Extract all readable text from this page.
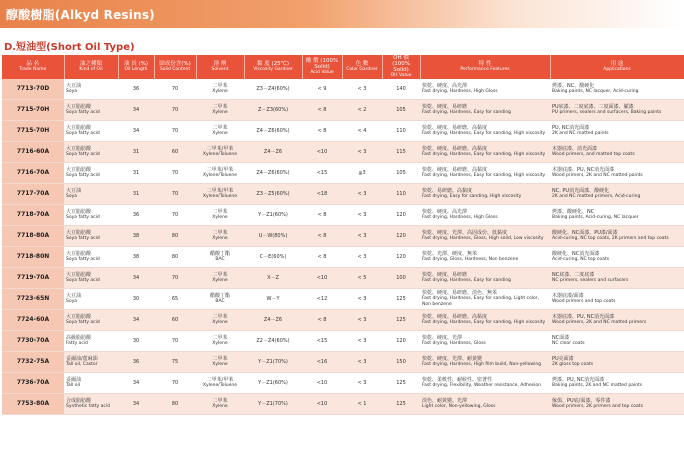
醇酸樹脂(Alkyd Resins)
D.短油型(Short Oil Type)
品 名
Trade Name	油之種類
Kind of Oil	油 長 (%)
Oil Length	固成份含(%)
Solid Content	溶 劑
Solvent	黏 度 (25℃)
Viscosity Gardner	酸 價 (100% Solid)
Acid Value	色 數
Color Gardner	OH 價 (100% Solid)
OH Value	特 性
Performance Features	用 途
Applications

7713-70D	大豆油
Soya	36	70	二甲苯
Xylene	Z3－Z4(60%)	< 9	< 3	140	快乾、硬度、高光澤
Fast drying, Hardness, High Gloss	烤漆、NC、酸硬化
Baking paints, NC lacquer, Acid-curing

7715-70H	大豆脂肪酸
Soya fatty acid	34	70	二甲苯
Xylene	Z－Z3(60%)	< 8	< 2	105	快乾、硬度、易研磨
Fast drying, Hardness, Easy for sanding	PU底漆、二度底漆、二度面漆、膩漆
PU primers, sealers and surfacers, Baking paints

7715-70H	大豆脂肪酸
Soya fatty acid	34	70	二甲苯
Xylene	Z4－Z6(60%)	< 8	< 4	110	快乾、硬度、易研磨、高黏度
Fast drying, Hardness, Easy for sanding, High viscosity	PU, NC消光面漆
2K and NC matted paints

7716-60A	大豆脂肪酸
Soya fatty acid	31	60	二甲苯/甲苯
Xylene/Toluene	Z4－Z6	<10	< 3	115	快乾、硬度、易研磨、高黏度
Fast drying, Hardness, Easy for sanding, High viscosity	木器底漆、消光面漆
Wood primers, and matted top coats

7716-70A	大豆脂肪酸
Soya fatty acid	31	70	二甲苯/甲苯
Xylene/Toluene	Z4－Z6(60%)	<15	≦3	105	快乾、硬度、易研磨、高黏度
Fast drying, Hardness, Easy for sanding, High viscosity	木器底漆、PU, NC消光面漆
Wood primers, 2K and NC matted paints

7717-70A	大豆油
Soya	31	70	二甲苯/甲苯
Xylene/Toluene	Z3－Z5(60%)	<18	< 3	110	快乾、易研磨、高黏度
Fast drying, Easy for sanding, High viscosity	NC, PU消光面漆、酸硬化
2K and NC matted primers, Acid-curing

7718-70A	大豆脂肪酸
Soya fatty acid	36	70	二甲苯
Xylene	Y－Z1(60%)	< 8	< 3	120	快乾、硬度、高光澤
Fast drying, Hardness, High Gloss	烤漆、酸硬化、NC
Baking paints, Acid-curing, NC lacquer

7718-80A	大豆脂肪酸
Soya fatty acid	38	80	二甲苯
Xylene	U－W(80%)	< 8	< 3	120	快乾、硬度、光澤、高固成份、低黏度
Fast drying, Hardness, Gloss, High solid, Low viscosity	酸硬化、NC面漆、PU漆/面漆
Acid-curing, NC top coats, 2K primers and top coats

7718-80N	大豆脂肪酸
Soya fatty acid	38	80	醋酸丁酯
BAC	C－E(60%)	< 8	< 3	120	快乾、光澤、硬度、無苯
Fast drying, Gloss, Hardness, Non benzene	酸硬化、NC消光面漆
Acid-curing, NC top coats

7719-70A	大豆脂肪酸
Soya fatty acid	34	70	二甲苯
Xylene	X－Z	<10	< 5	100	快乾、硬度、易研磨
Fast drying, Hardness, Easy for sanding	NC底漆、二度底漆
NC primers, sealers and surfacers

7723-65N	大豆油
Soya	30	65	醋酸丁酯
BAC	W－Y	<12	< 3	125	快乾、硬度、易研磨、淡色、無苯
Fast drying, Hardness, Easy for sanding, Light color, Non benzene	木器底漆/面漆
Wood primers and top coats

7724-60A	大豆脂肪酸
Soya fatty acid	34	60	二甲苯
Xylene	Z4－Z6	< 8	< 3	125	快乾、硬度、易研磨、高黏度
Fast drying, Hardness, Easy for sanding, High viscosity	木器底漆、PU, NC消光面漆
Wood primers, 2K and NC matted primers

7730-70A	高級脂肪酸
Fatty acid	30	70	二甲苯
Xylene	Z2－Z4(60%)	<15	< 3	120	快乾、硬度、光澤
Fast drying, Hardness, Gloss	NC面漆
NC clear coats

7732-75A	妥爾油/蓖麻油
Tall oil, Castor	36	75	二甲苯
Xylene	Y－Z1(70%)	<16	< 3	150	快乾、硬度、光澤、耐黃變
Fast drying, Hardness, High film build, Non-yellowing	PU亮面漆
2K gloss top coats

7736-70A	妥爾油
Tall oil	34	70	二甲苯/甲苯
Xylene/Toluene	Y－Z1(60%)	<10	< 3	125	快乾、柔軟性、耐候性、密著性
Fast drying, Flexibility, Weather resistance, Adhesion	烤漆、PU, NC消光面漆
Baking paints, 2K and NC matted paints

7753-80A	合成脂肪酸
Synthetic fatty acid	34	80	二甲苯
Xylene	Y－Z1(70%)	<10	< 1	125	淡色、耐黃變、光澤
Light color, Non-yellowing, Gloss	傢俱、PU底/面漆、零件漆
Wood primers, 2K primers and top coats
